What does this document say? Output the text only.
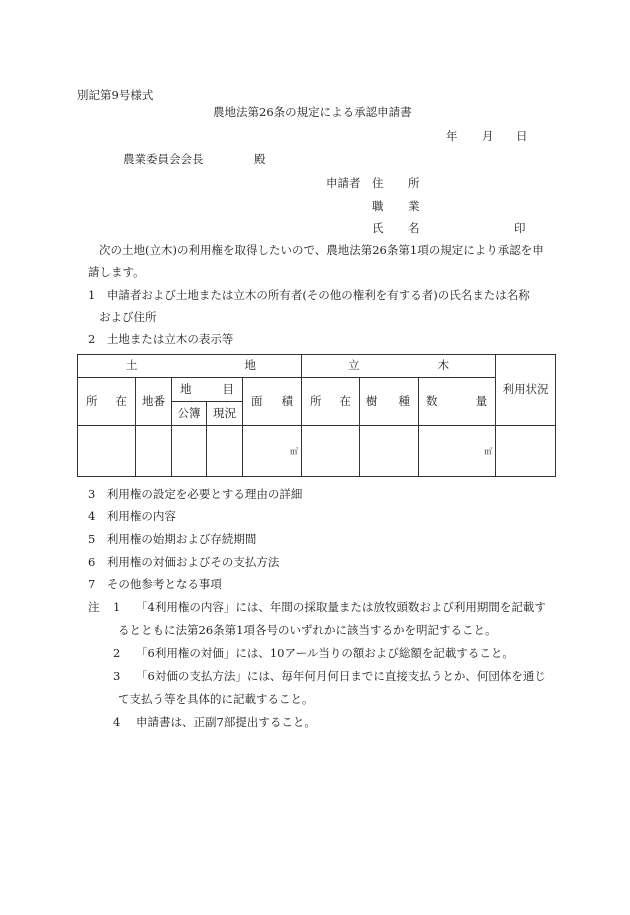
別記第9号様式
農地法第26条の規定による承認申請書
年 月 日
農業委員会会長	殿
申請者 住 所
職 業
氏 名	印
次の土地(立木)の利用権を取得したいので、農地法第26条第1項の規定により承認を申
請します。
1　申請者および土地または立木の所有者(その他の権利を有する者)の氏名または名称
および住所
2　土地または立木の表示等
土 地					立 木			利用状況

所 在	地番	地 目		面 積	所 在	樹 種	数 量	

		公簿	現況					

				㎡			㎥	

3　利用権の設定を必要とする理由の詳細
4　利用権の内容
5　利用権の始期および存続期間
6　利用権の対価およびその支払方法
7　その他参考となる事項
注 1 「4利用権の内容」には、年間の採取量または放牧頭数および利用期間を記載す
るとともに法第26条第1項各号のいずれかに該当するかを明記すること。
2 「6利用権の対価」には、10アール当りの額および総額を記載すること。
3 「6対価の支払方法」には、毎年何月何日までに直接支払うとか、何団体を通じ
て支払う等を具体的に記載すること。
4 申請書は、正副7部提出すること。
